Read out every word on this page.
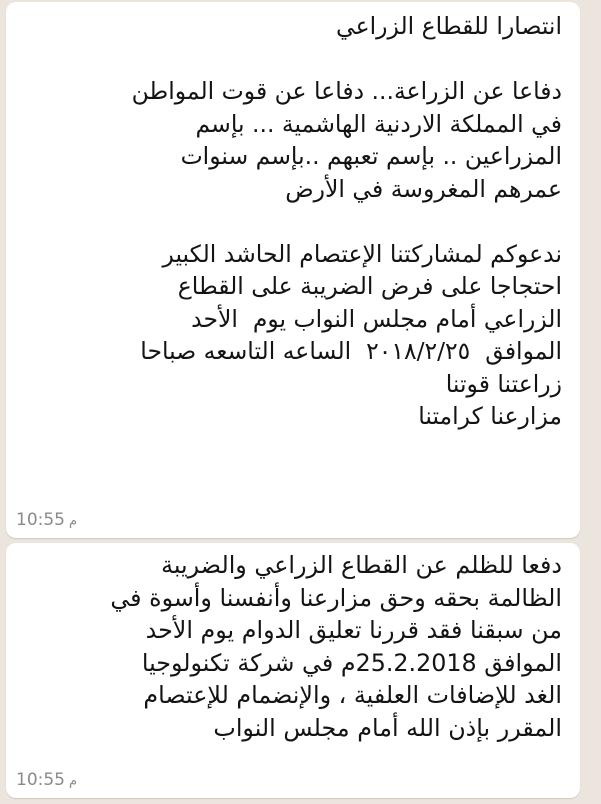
انتصارا للقطاع الزراعي

دفاعا عن الزراعة... دفاعا عن قوت المواطن
في المملكة الاردنية الهاشمية ... بإسم
المزراعين .. بإسم تعبهم ..بإسم سنوات
عمرهم المغروسة في الأرض

ندعوكم لمشاركتنا الإعتصام الحاشد الكبير
احتجاجا على فرض الضريبة على القطاع
الزراعي أمام مجلس النواب يوم  الأحد
الموافق  ٢٠١٨/٢/٢٥  الساعه التاسعه صباحا
زراعتنا قوتنا
مزارعنا كرامتنا
10:55 م
دفعا للظلم عن القطاع الزراعي والضريبة
الظالمة بحقه وحق مزارعنا وأنفسنا وأسوة في
من سبقنا فقد قررنا تعليق الدوام يوم الأحد
الموافق 25.2.2018م في شركة تكنولوجيا
الغد للإضافات العلفية ، والإنضمام للإعتصام
المقرر بإذن الله أمام مجلس النواب
10:55 م
